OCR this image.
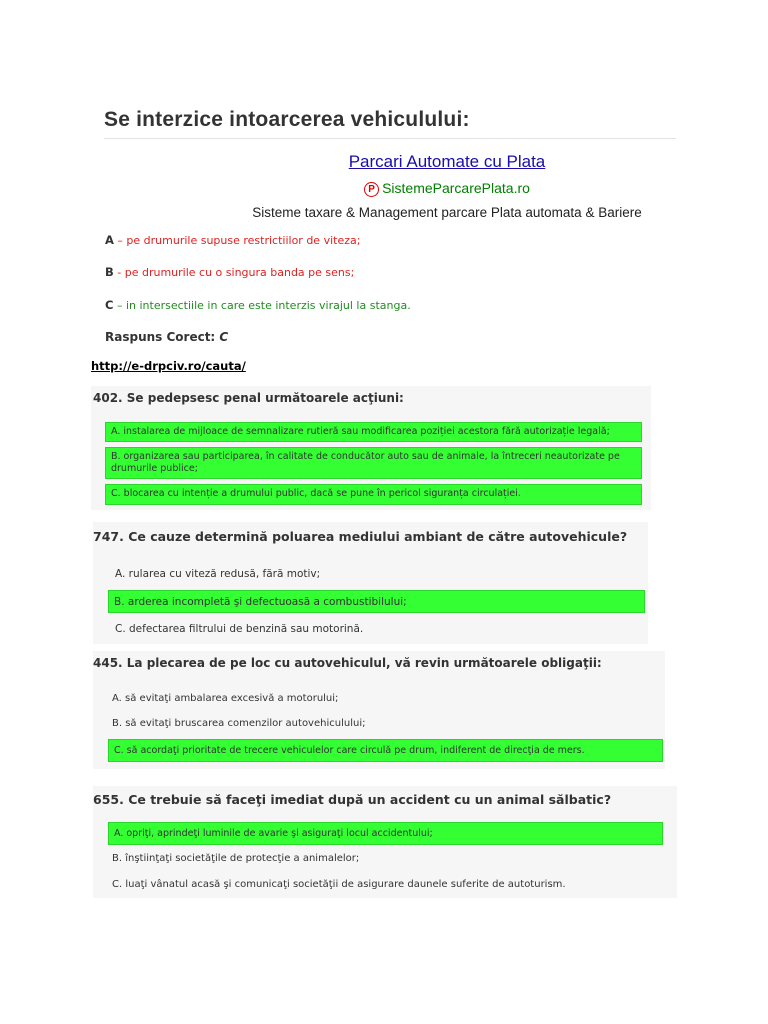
Se interzice intoarcerea vehiculului:
Parcari Automate cu Plata
P SistemeParcarePlata.ro
Sisteme taxare & Management parcare Plata automata & Bariere
A – pe drumurile supuse restrictiilor de viteza;
B - pe drumurile cu o singura banda pe sens;
C – in intersectiile in care este interzis virajul la stanga.
Raspuns Corect: C
http://e-drpciv.ro/cauta/
402. Se pedepsesc penal următoarele acţiuni:
A. instalarea de mijloace de semnalizare rutieră sau modificarea poziției acestora fără autorizație legală;
B. organizarea sau participarea, în calitate de conducător auto sau de animale, la întreceri neautorizate pe drumurile publice;
C. blocarea cu intenție a drumului public, dacă se pune în pericol siguranța circulației.
747. Ce cauze determină poluarea mediului ambiant de către autovehicule?
A. rularea cu viteză redusă, fără motiv;
B. arderea incompletă şi defectuoasă a combustibilului;
C. defectarea filtrului de benzină sau motorină.
445. La plecarea de pe loc cu autovehiculul, vă revin următoarele obligaţii:
A. să evitaţi ambalarea excesivă a motorului;
B. să evitaţi bruscarea comenzilor autovehiculului;
C. să acordaţi prioritate de trecere vehiculelor care circulă pe drum, indiferent de direcţia de mers.
655. Ce trebuie să faceţi imediat după un accident cu un animal sălbatic?
A. opriţi, aprindeţi luminile de avarie şi asiguraţi locul accidentului;
B. înştiinţaţi societăţile de protecţie a animalelor;
C. luaţi vânatul acasă şi comunicaţi societăţii de asigurare daunele suferite de autoturism.
